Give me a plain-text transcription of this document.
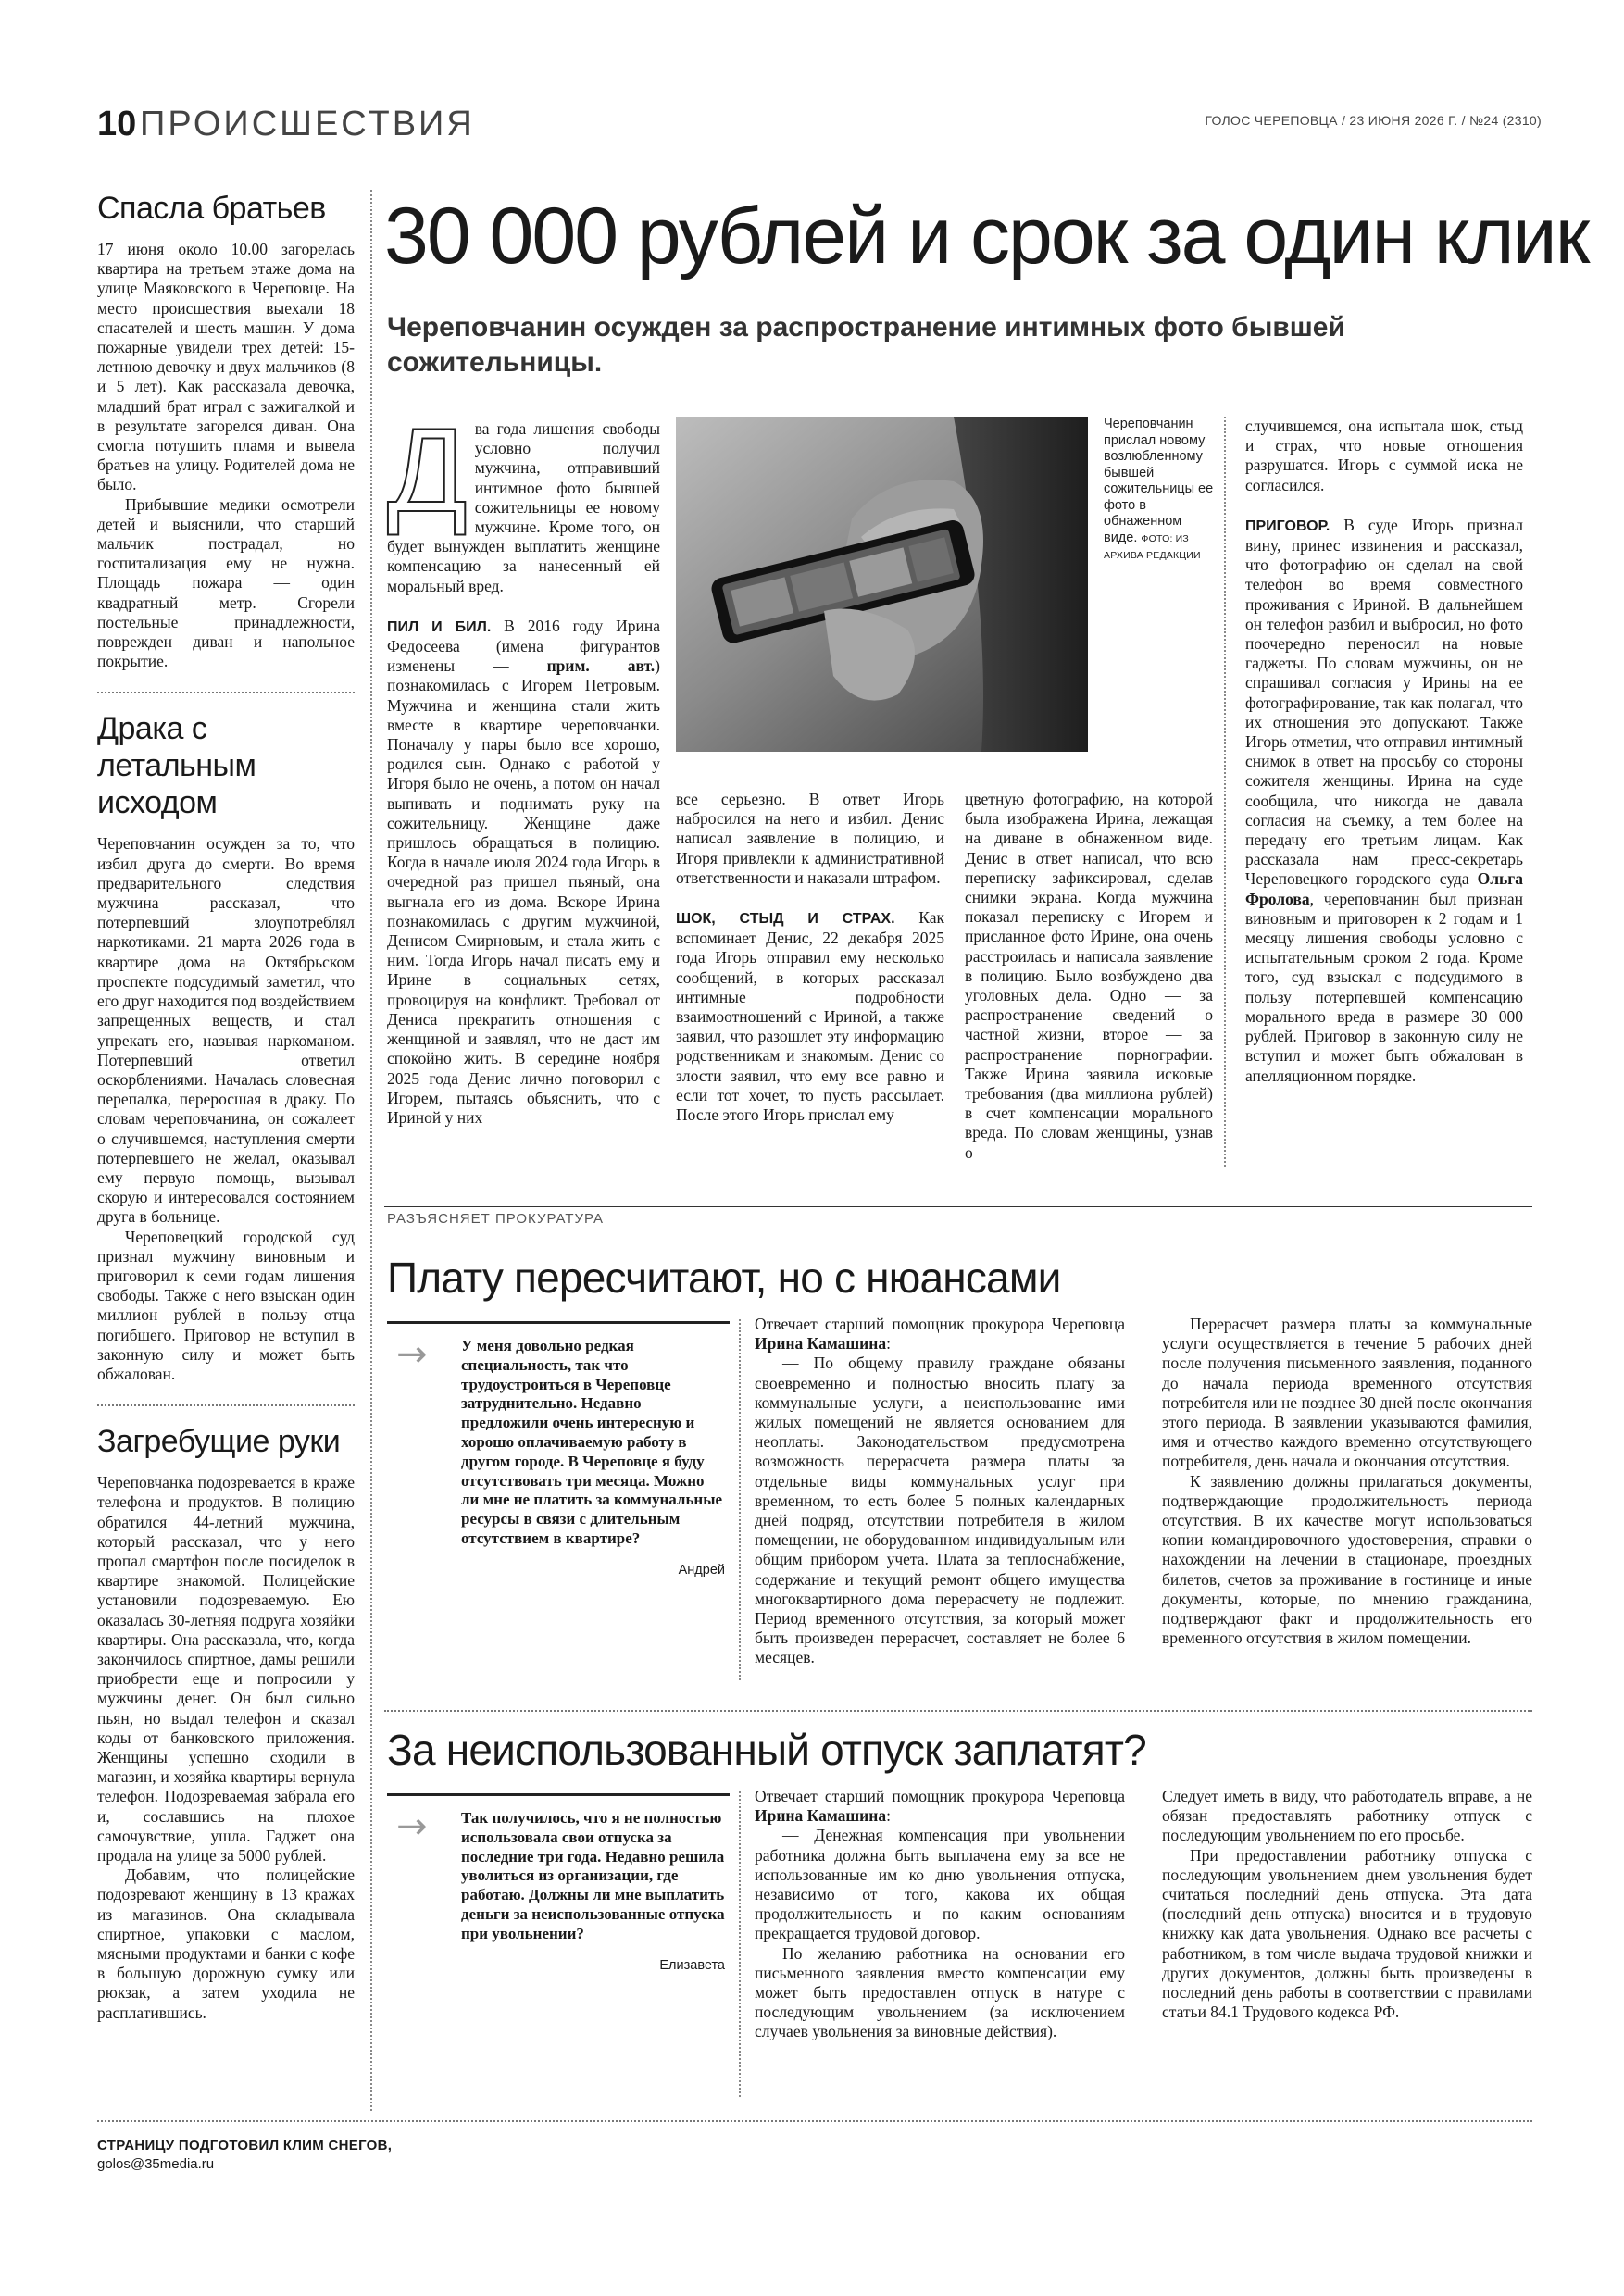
10 ПРОИСШЕСТВИЯ	ГОЛОС ЧЕРЕПОВЦА / 23 ИЮНЯ 2026 Г. / №24 (2310)
Спасла братьев

17 июня около 10.00 загорелась квартира на третьем этаже дома на улице Маяковского в Череповце. На место происшествия выехали 18 спасателей и шесть машин. У дома пожарные увидели трех детей: 15-летнюю девочку и двух мальчиков (8 и 5 лет). Как рассказала девочка, младший брат играл с зажигалкой и в результате загорелся диван. Она смогла потушить пламя и вывела братьев на улицу. Родителей дома не было.

Прибывшие медики осмотрели детей и выяснили, что старший мальчик пострадал, но госпитализация ему не нужна. Площадь пожара — один квадратный метр. Сгорели постельные принадлежности, поврежден диван и напольное покрытие.

Драка с летальным исходом

Череповчанин осужден за то, что избил друга до смерти. Во время предварительного следствия мужчина рассказал, что потерпевший злоупотреблял наркотиками. 21 марта 2026 года в квартире дома на Октябрьском проспекте подсудимый заметил, что его друг находится под воздействием запрещенных веществ, и стал упрекать его, называя наркоманом. Потерпевший ответил оскорблениями. Началась словесная перепалка, переросшая в драку. По словам череповчанина, он сожалеет о случившемся, наступления смерти потерпевшего не желал, оказывал ему первую помощь, вызывал скорую и интересовался состоянием друга в больнице.

Череповецкий городской суд признал мужчину виновным и приговорил к семи годам лишения свободы. Также с него взыскан один миллион рублей в пользу отца погибшего. Приговор не вступил в законную силу и может быть обжалован.

Загребущие руки

Череповчанка подозревается в краже телефона и продуктов. В полицию обратился 44-летний мужчина, который рассказал, что у него пропал смартфон после посиделок в квартире знакомой. Полицейские установили подозреваемую. Ею оказалась 30-летняя подруга хозяйки квартиры. Она рассказала, что, когда закончилось спиртное, дамы решили приобрести еще и попросили у мужчины денег. Он был сильно пьян, но выдал телефон и сказал коды от банковского приложения. Женщины успешно сходили в магазин, и хозяйка квартиры вернула телефон. Подозреваемая забрала его и, сославшись на плохое самочувствие, ушла. Гаджет она продала на улице за 5000 рублей.

Добавим, что полицейские подозревают женщину в 13 кражах из магазинов. Она складывала спиртное, упаковки с маслом, мясными продуктами и банки с кофе в большую дорожную сумку или рюкзак, а затем уходила не расплатившись.

30 000 рублей и срок за один клик
Череповчанин осужден за распространение интимных фото бывшей сожительницы.

Д ва года лишения свободы условно получил мужчина, отправивший интимное фото бывшей сожительницы ее новому мужчине. Кроме того, он будет вынужден выплатить женщине компенсацию за нанесенный ей моральный вред.

ПИЛ И БИЛ. В 2016 году Ирина Федосеева (имена фигурантов изменены — прим. авт.) познакомилась с Игорем Петровым. Мужчина и женщина стали жить вместе в квартире череповчанки. Поначалу у пары было все хорошо, родился сын. Однако с работой у Игоря было не очень, а потом он начал выпивать и поднимать руку на сожительницу. Женщине даже пришлось обращаться в полицию. Когда в начале июля 2024 года Игорь в очередной раз пришел пьяный, она выгнала его из дома. Вскоре Ирина познакомилась с другим мужчиной, Денисом Смирновым, и стала жить с ним. Тогда Игорь начал писать ему и Ирине в социальных сетях, провоцируя на конфликт. Требовал от Дениса прекратить отношения с женщиной и заявлял, что не даст им спокойно жить. В середине ноября 2025 года Денис лично поговорил с Игорем, пытаясь объяснить, что с Ириной у них

Череповчанин прислал новому возлюбленному бывшей сожительницы ее фото в обнаженном виде. ФОТО: ИЗ АРХИВА РЕДАКЦИИ

все серьезно. В ответ Игорь набросился на него и избил. Денис написал заявление в полицию, и Игоря привлекли к административной ответственности и наказали штрафом.

ШОК, СТЫД И СТРАХ. Как вспоминает Денис, 22 декабря 2025 года Игорь отправил ему несколько сообщений, в которых рассказал интимные подробности взаимоотношений с Ириной, а также заявил, что разошлет эту информацию родственникам и знакомым. Денис со злости заявил, что ему все равно и если тот хочет, то пусть рассылает. После этого Игорь прислал ему

цветную фотографию, на которой была изображена Ирина, лежащая на диване в обнаженном виде. Денис в ответ написал, что всю переписку зафиксировал, сделав снимки экрана. Когда мужчина показал переписку с Игорем и присланное фото Ирине, она очень расстроилась и написала заявление в полицию. Было возбуждено два уголовных дела. Одно — за распространение сведений о частной жизни, второе — за распространение порнографии. Также Ирина заявила исковые требования (два миллиона рублей) в счет компенсации морального вреда. По словам женщины, узнав о

случившемся, она испытала шок, стыд и страх, что новые отношения разрушатся. Игорь с суммой иска не согласился.

ПРИГОВОР. В суде Игорь признал вину, принес извинения и рассказал, что фотографию он сделал на свой телефон во время совместного проживания с Ириной. В дальнейшем он телефон разбил и выбросил, но фото поочередно переносил на новые гаджеты. По словам мужчины, он не спрашивал согласия у Ирины на ее фотографирование, так как полагал, что их отношения это допускают. Также Игорь отметил, что отправил интимный снимок в ответ на просьбу со стороны сожителя женщины. Ирина на суде сообщила, что никогда не давала согласия на съемку, а тем более на передачу его третьим лицам. Как рассказала нам пресс-секретарь Череповецкого городского суда Ольга Фролова, череповчанин был признан виновным и приговорен к 2 годам и 1 месяцу лишения свободы условно с испытательным сроком 2 года. Кроме того, суд взыскал с подсудимого в пользу потерпевшей компенсацию морального вреда в размере 30 000 рублей. Приговор в законную силу не вступил и может быть обжалован в апелляционном порядке.

РАЗЪЯСНЯЕТ ПРОКУРАТУРА
Плату пересчитают, но с нюансами
→ У меня довольно редкая специальность, так что трудоустроиться в Череповце затруднительно. Недавно предложили очень интересную и хорошо оплачиваемую работу в другом городе. В Череповце я буду отсутствовать три месяца. Можно ли мне не платить за коммунальные ресурсы в связи с длительным отсутствием в квартире?
Андрей

Отвечает старший помощник прокурора Череповца Ирина Камашина:

— По общему правилу граждане обязаны своевременно и полностью вносить плату за коммунальные услуги, а неиспользование ими жилых помещений не является основанием для неоплаты. Законодательством предусмотрена возможность перерасчета размера платы за отдельные виды коммунальных услуг при временном, то есть более 5 полных календарных дней подряд, отсутствии потребителя в жилом помещении, не оборудованном индивидуальным или общим прибором учета. Плата за теплоснабжение, содержание и текущий ремонт общего имущества многоквартирного дома перерасчету не подлежит. Период временного отсутствия, за который может быть произведен перерасчет, составляет не более 6 месяцев.

Перерасчет размера платы за коммунальные услуги осуществляется в течение 5 рабочих дней после получения письменного заявления, поданного до начала периода временного отсутствия потребителя или не позднее 30 дней после окончания этого периода. В заявлении указываются фамилия, имя и отчество каждого временно отсутствующего потребителя, день начала и окончания отсутствия.

К заявлению должны прилагаться документы, подтверждающие продолжительность периода отсутствия. В их качестве могут использоваться копии командировочного удостоверения, справки о нахождении на лечении в стационаре, проездных билетов, счетов за проживание в гостинице и иные документы, которые, по мнению гражданина, подтверждают факт и продолжительность его временного отсутствия в жилом помещении.

За неиспользованный отпуск заплатят?
→ Так получилось, что я не полностью использовала свои отпуска за последние три года. Недавно решила уволиться из организации, где работаю. Должны ли мне выплатить деньги за неиспользованные отпуска при увольнении?
Елизавета

Отвечает старший помощник прокурора Череповца Ирина Камашина:

— Денежная компенсация при увольнении работника должна быть выплачена ему за все не использованные им ко дню увольнения отпуска, независимо от того, какова их общая продолжительность и по каким основаниям прекращается трудовой договор.

По желанию работника на основании его письменного заявления вместо компенсации ему может быть предоставлен отпуск в натуре с последующим увольнением (за исключением случаев увольнения за виновные действия).

Следует иметь в виду, что работодатель вправе, а не обязан предоставлять работнику отпуск с последующим увольнением по его просьбе.

При предоставлении работнику отпуска с последующим увольнением днем увольнения будет считаться последний день отпуска. Эта дата (последний день отпуска) вносится и в трудовую книжку как дата увольнения. Однако все расчеты с работником, в том числе выдача трудовой книжки и других документов, должны быть произведены в последний день работы в соответствии с правилами статьи 84.1 Трудового кодекса РФ.

СТРАНИЦУ ПОДГОТОВИЛ КЛИМ СНЕГОВ,
golos@35media.ru
